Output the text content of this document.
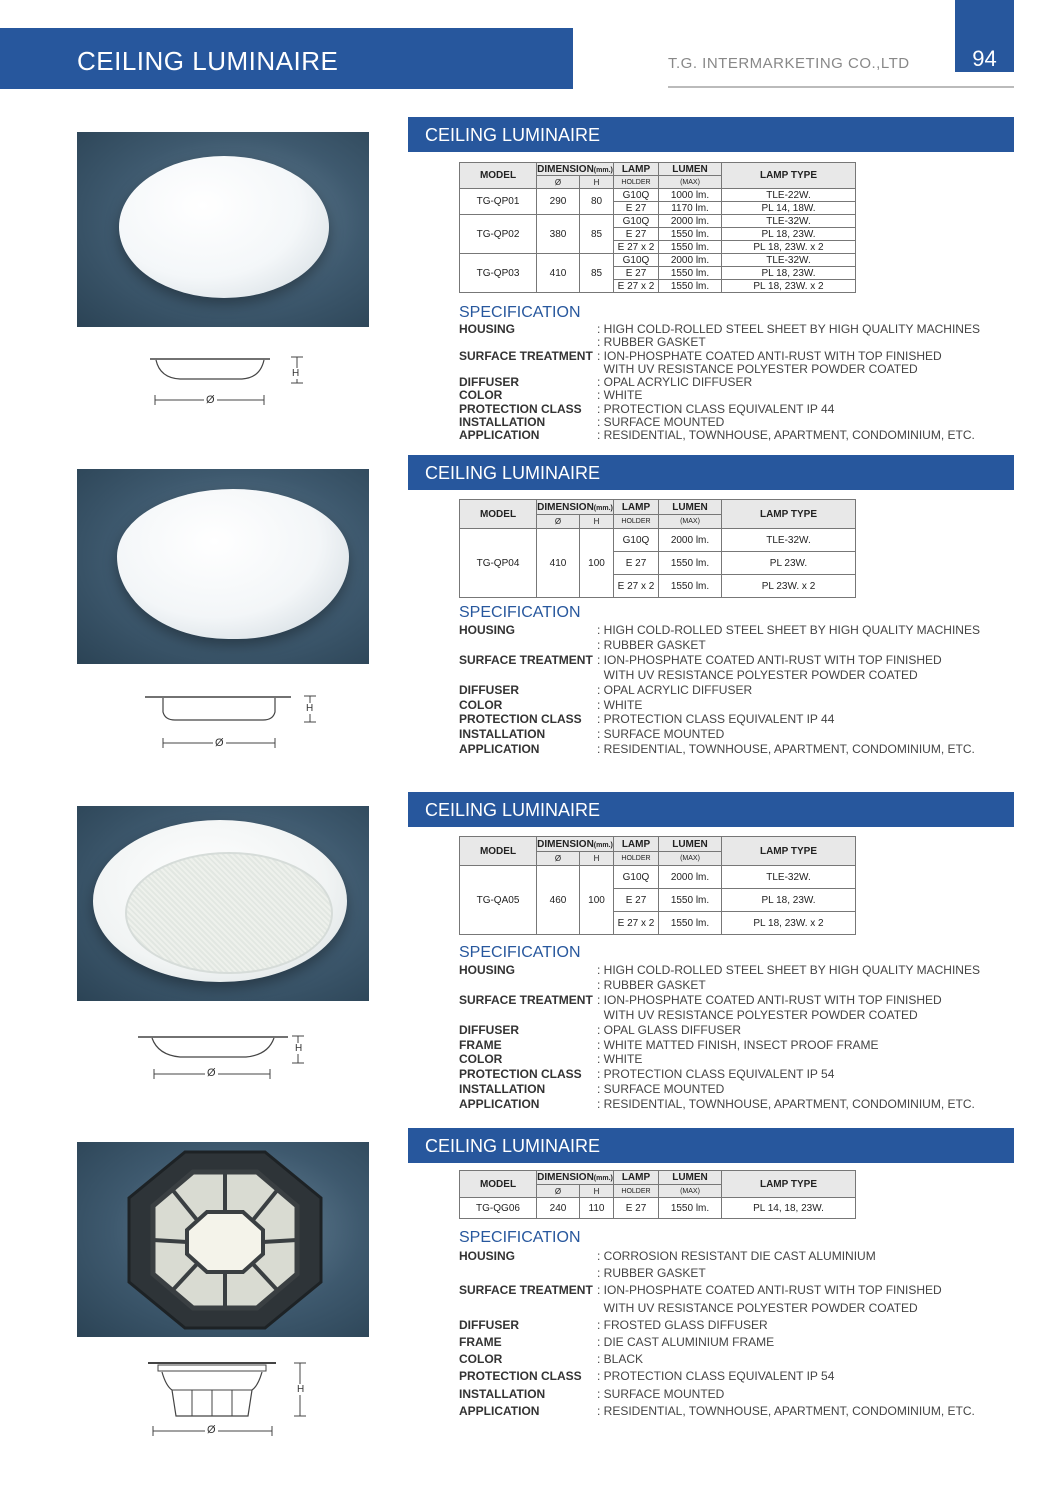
CEILING LUMINAIRE	T.G. INTERMARKETING CO.,LTD	94
H
Ø
CEILING LUMINAIRE
MODEL	DIMENSION(mm.)		LAMP	LUMEN	LAMP TYPE
	Ø	H	HOLDER	(MAX)	
TG-QP01	290	80	G10Q	1000 lm.	TLE-22W.
			E 27	1170 lm.	PL 14, 18W.
TG-QP02	380	85	G10Q	2000 lm.	TLE-32W.
			E 27	1550 lm.	PL 18, 23W.
			E 27 x 2	1550 lm.	PL 18, 23W. x 2
TG-QP03	410	85	G10Q	2000 lm.	TLE-32W.
			E 27	1550 lm.	PL 18, 23W.
			E 27 x 2	1550 lm.	PL 18, 23W. x 2
SPECIFICATION
HOUSING	: HIGH COLD-ROLLED STEEL SHEET BY HIGH QUALITY MACHINES
: RUBBER GASKET
SURFACE TREATMENT : ION-PHOSPHATE COATED ANTI-RUST WITH TOP FINISHED
WITH UV RESISTANCE POLYESTER POWDER COATED
DIFFUSER	: OPAL ACRYLIC DIFFUSER
COLOR	: WHITE
PROTECTION CLASS	: PROTECTION CLASS EQUIVALENT IP 44
INSTALLATION	: SURFACE MOUNTED
APPLICATION	: RESIDENTIAL, TOWNHOUSE, APARTMENT, CONDOMINIUM, ETC.
H
Ø
CEILING LUMINAIRE
MODEL	DIMENSION(mm.)		LAMP	LUMEN	LAMP TYPE
	Ø	H	HOLDER	(MAX)	
TG-QP04	410	100	G10Q	2000 lm.	TLE-32W.
			E 27	1550 lm.	PL 23W.
			E 27 x 2	1550 lm.	PL 23W. x 2
SPECIFICATION
HOUSING	: HIGH COLD-ROLLED STEEL SHEET BY HIGH QUALITY MACHINES
: RUBBER GASKET
SURFACE TREATMENT : ION-PHOSPHATE COATED ANTI-RUST WITH TOP FINISHED
WITH UV RESISTANCE POLYESTER POWDER COATED
DIFFUSER	: OPAL ACRYLIC DIFFUSER
COLOR	: WHITE
PROTECTION CLASS	: PROTECTION CLASS EQUIVALENT IP 44
INSTALLATION	: SURFACE MOUNTED
APPLICATION	: RESIDENTIAL, TOWNHOUSE, APARTMENT, CONDOMINIUM, ETC.
H
Ø
CEILING LUMINAIRE
MODEL	DIMENSION(mm.)		LAMP	LUMEN	LAMP TYPE
	Ø	H	HOLDER	(MAX)	
TG-QA05	460	100	G10Q	2000 lm.	TLE-32W.
			E 27	1550 lm.	PL 18, 23W.
			E 27 x 2	1550 lm.	PL 18, 23W. x 2
SPECIFICATION
HOUSING	: HIGH COLD-ROLLED STEEL SHEET BY HIGH QUALITY MACHINES
: RUBBER GASKET
SURFACE TREATMENT : ION-PHOSPHATE COATED ANTI-RUST WITH TOP FINISHED
WITH UV RESISTANCE POLYESTER POWDER COATED
DIFFUSER	: OPAL GLASS DIFFUSER
FRAME	: WHITE MATTED FINISH, INSECT PROOF FRAME
COLOR	: WHITE
PROTECTION CLASS	: PROTECTION CLASS EQUIVALENT IP 54
INSTALLATION	: SURFACE MOUNTED
APPLICATION	: RESIDENTIAL, TOWNHOUSE, APARTMENT, CONDOMINIUM, ETC.
H
Ø
CEILING LUMINAIRE
MODEL	DIMENSION(mm.)		LAMP	LUMEN	LAMP TYPE
	Ø	H	HOLDER	(MAX)	
TG-QG06	240	110	E 27	1550 lm.	PL 14, 18, 23W.
SPECIFICATION
HOUSING	: CORROSION RESISTANT DIE CAST ALUMINIUM
: RUBBER GASKET
SURFACE TREATMENT : ION-PHOSPHATE COATED ANTI-RUST WITH TOP FINISHED
WITH UV RESISTANCE POLYESTER POWDER COATED
DIFFUSER	: FROSTED GLASS DIFFUSER
FRAME	: DIE CAST ALUMINIUM FRAME
COLOR	: BLACK
PROTECTION CLASS	: PROTECTION CLASS EQUIVALENT IP 54
INSTALLATION	: SURFACE MOUNTED
APPLICATION	: RESIDENTIAL, TOWNHOUSE, APARTMENT, CONDOMINIUM, ETC.
